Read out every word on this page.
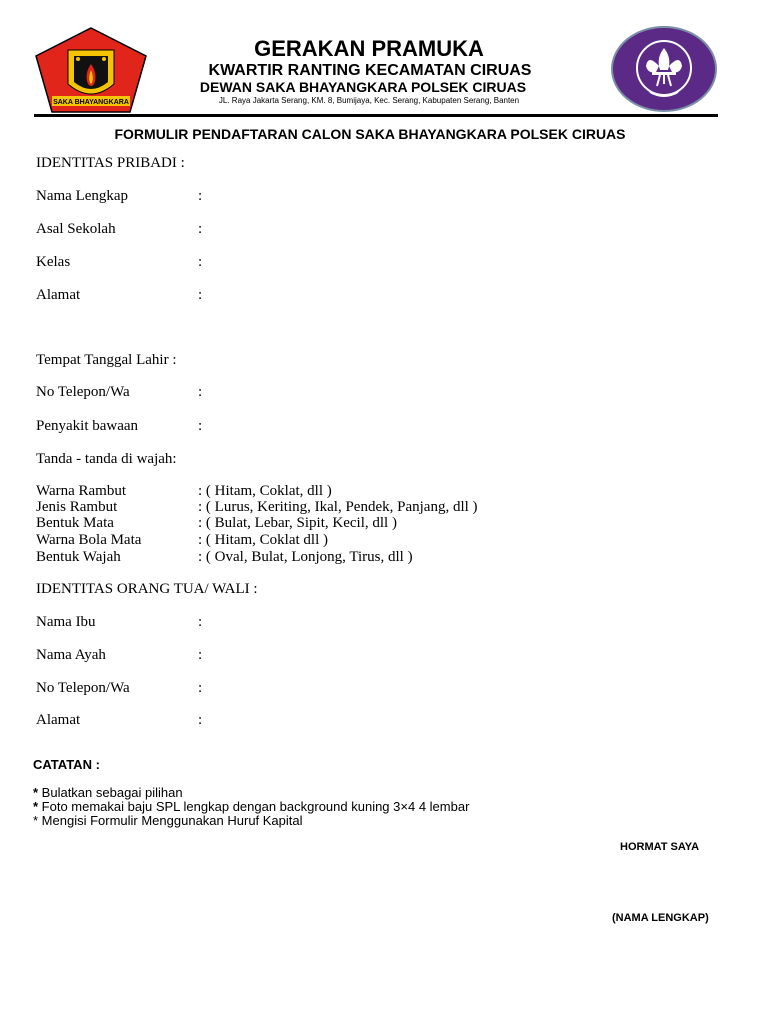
SAKA BHAYANGKARA
GERAKAN PRAMUKA
KWARTIR RANTING KECAMATAN CIRUAS
DEWAN SAKA BHAYANGKARA POLSEK CIRUAS
JL. Raya Jakarta Serang, KM. 8, Bumijaya, Kec. Serang, Kabupaten Serang, Banten
FORMULIR PENDAFTARAN CALON SAKA BHAYANGKARA POLSEK CIRUAS
IDENTITAS PRIBADI :
Nama Lengkap	:
Asal Sekolah	:
Kelas	:
Alamat	:
Tempat Tanggal Lahir :
No Telepon/Wa	:
Penyakit bawaan	:
Tanda - tanda di wajah:
Warna Rambut	: ( Hitam, Coklat, dll )
Jenis Rambut	: ( Lurus, Keriting, Ikal, Pendek, Panjang, dll )
Bentuk Mata	: ( Bulat, Lebar, Sipit, Kecil, dll )
Warna Bola Mata	: ( Hitam, Coklat dll )
Bentuk Wajah	: ( Oval, Bulat, Lonjong, Tirus, dll )
IDENTITAS ORANG TUA/ WALI :
Nama Ibu	:
Nama Ayah	:
No Telepon/Wa	:
Alamat	:
CATATAN :
* Bulatkan sebagai pilihan
* Foto memakai baju SPL lengkap dengan background kuning 3×4 4 lembar
* Mengisi Formulir Menggunakan Huruf Kapital
HORMAT SAYA
(NAMA LENGKAP)
